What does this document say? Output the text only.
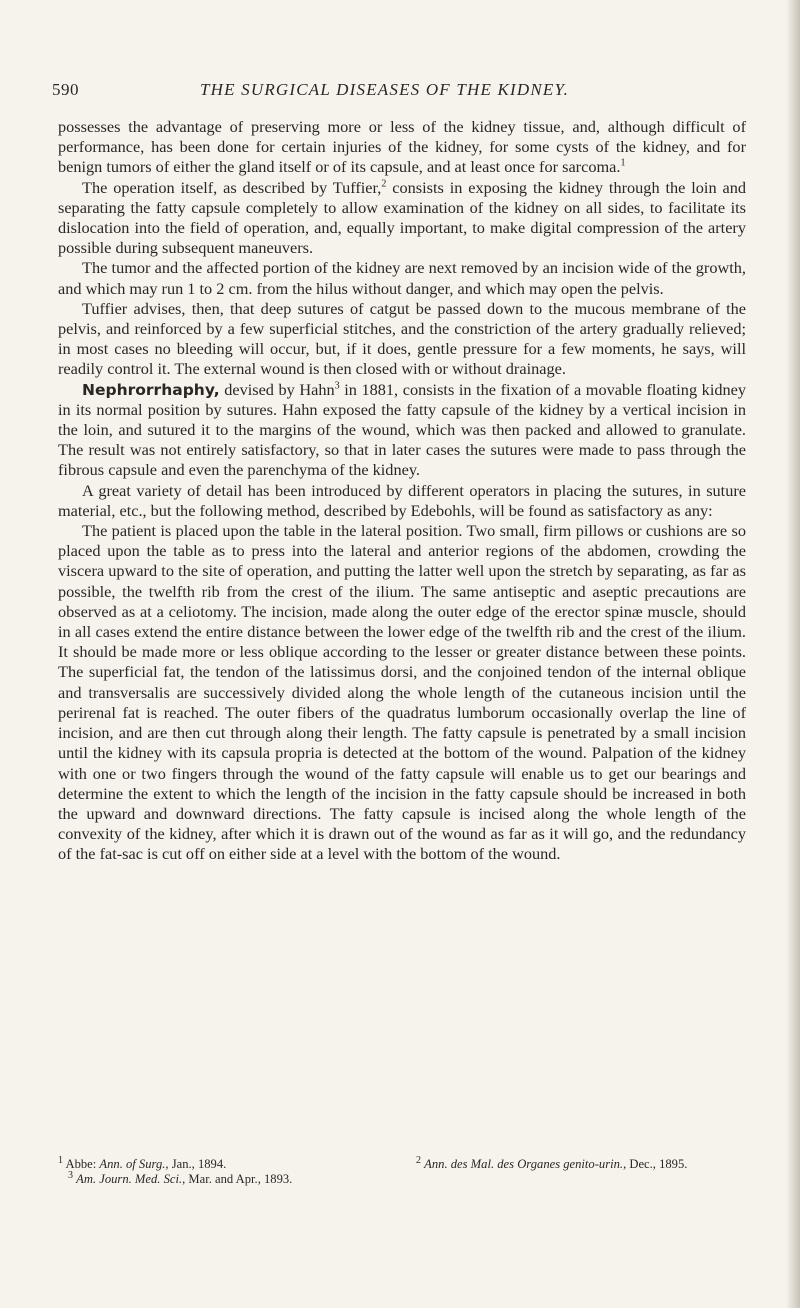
590	THE SURGICAL DISEASES OF THE KIDNEY.

possesses the advantage of preserving more or less of the kidney tissue, and, although difficult of performance, has been done for certain injuries of the kidney, for some cysts of the kidney, and for benign tumors of either the gland itself or of its capsule, and at least once for sarcoma.$^1$

The operation itself, as described by Tuffier,$^2$ consists in exposing the kidney through the loin and separating the fatty capsule completely to allow examination of the kidney on all sides, to facilitate its dislocation into the field of operation, and, equally important, to make digital compression of the artery possible during subsequent maneuvers.

The tumor and the affected portion of the kidney are next removed by an incision wide of the growth, and which may run 1 to 2 cm. from the hilus without danger, and which may open the pelvis.

Tuffier advises, then, that deep sutures of catgut be passed down to the mucous membrane of the pelvis, and reinforced by a few superficial stitches, and the constriction of the artery gradually relieved; in most cases no bleeding will occur, but, if it does, gentle pressure for a few moments, he says, will readily control it. The external wound is then closed with or without drainage.

Nephrorrhaphy, devised by Hahn$^3$ in 1881, consists in the fixation of a movable floating kidney in its normal position by sutures. Hahn exposed the fatty capsule of the kidney by a vertical incision in the loin, and sutured it to the margins of the wound, which was then packed and allowed to granulate. The result was not entirely satisfactory, so that in later cases the sutures were made to pass through the fibrous capsule and even the parenchyma of the kidney.

A great variety of detail has been introduced by different operators in placing the sutures, in suture material, etc., but the following method, described by Edebohls, will be found as satisfactory as any:

The patient is placed upon the table in the lateral position. Two small, firm pillows or cushions are so placed upon the table as to press into the lateral and anterior regions of the abdomen, crowding the viscera upward to the site of operation, and putting the latter well upon the stretch by separating, as far as possible, the twelfth rib from the crest of the ilium. The same antiseptic and aseptic precautions are observed as at a celiotomy. The incision, made along the outer edge of the erector spinæ muscle, should in all cases extend the entire distance between the lower edge of the twelfth rib and the crest of the ilium. It should be made more or less oblique according to the lesser or greater distance between these points. The superficial fat, the tendon of the latissimus dorsi, and the conjoined tendon of the internal oblique and transversalis are successively divided along the whole length of the cutaneous incision until the perirenal fat is reached. The outer fibers of the quadratus lumborum occasionally overlap the line of incision, and are then cut through along their length. The fatty capsule is penetrated by a small incision until the kidney with its capsula propria is detected at the bottom of the wound. Palpation of the kidney with one or two fingers through the wound of the fatty capsule will enable us to get our bearings and determine the extent to which the length of the incision in the fatty capsule should be increased in both the upward and downward directions. The fatty capsule is incised along the whole length of the convexity of the kidney, after which it is drawn out of the wound as far as it will go, and the redundancy of the fat-sac is cut off on either side at a level with the bottom of the wound.

$^1$ Abbe: Ann. of Surg., Jan., 1894.	$^2$ Ann. des Mal. des Organes genito-urin., Dec., 1895.
$^3$ Am. Journ. Med. Sci., Mar. and Apr., 1893.
